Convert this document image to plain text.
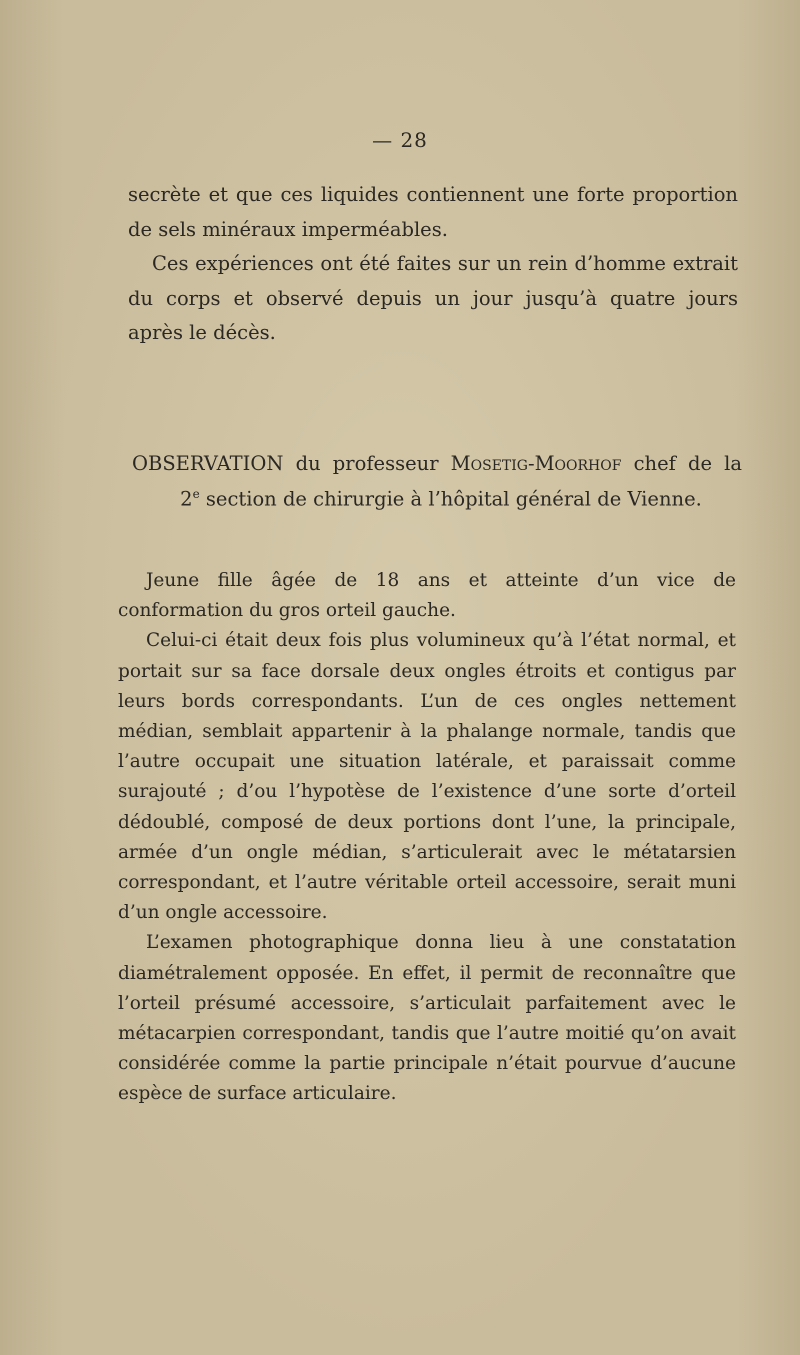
— 28

secrète et que ces liquides contiennent une forte proportion de sels minéraux imperméables.

Ces expériences ont été faites sur un rein d’homme extrait du corps et observé depuis un jour jusqu’à quatre jours après le décès.

OBSERVATION du professeur Mosetig-Moorhof chef de la
2e section de chirurgie à l’hôpital général de Vienne.

Jeune fille âgée de 18 ans et atteinte d’un vice de conformation du gros orteil gauche.

Celui-ci était deux fois plus volumineux qu’à l’état normal, et portait sur sa face dorsale deux ongles étroits et contigus par leurs bords correspondants. L’un de ces ongles nettement médian, semblait appartenir à la phalange normale, tandis que l’autre occupait une situation latérale, et paraissait comme surajouté ; d’ou l’hypotèse de l’existence d’une sorte d’orteil dédoublé, composé de deux portions dont l’une, la principale, armée d’un ongle médian, s’articulerait avec le métatarsien correspondant, et l’autre véritable orteil accessoire, serait muni d’un ongle accessoire.

L’examen photographique donna lieu à une constatation diamétralement opposée. En effet, il permit de reconnaître que l’orteil présumé accessoire, s’articulait parfaitement avec le métacarpien correspondant, tandis que l’autre moitié qu’on avait considérée comme la partie principale n’était pourvue d’aucune espèce de surface articulaire.
